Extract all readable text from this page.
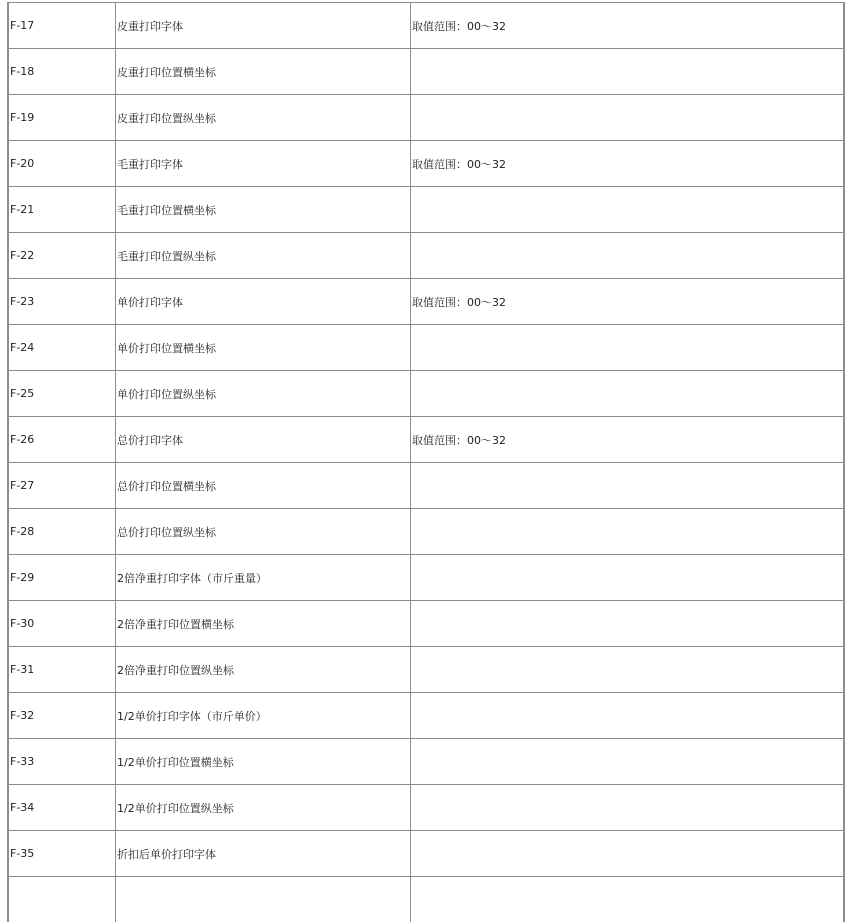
F-17	皮重打印字体	取值范围：00～32
F-18	皮重打印位置横坐标
F-19	皮重打印位置纵坐标
F-20	毛重打印字体	取值范围：00～32
F-21	毛重打印位置横坐标
F-22	毛重打印位置纵坐标
F-23	单价打印字体	取值范围：00～32
F-24	单价打印位置横坐标
F-25	单价打印位置纵坐标
F-26	总价打印字体	取值范围：00～32
F-27	总价打印位置横坐标
F-28	总价打印位置纵坐标
F-29	2倍净重打印字体（市斤重量）
F-30	2倍净重打印位置横坐标
F-31	2倍净重打印位置纵坐标
F-32	1/2单价打印字体（市斤单价）
F-33	1/2单价打印位置横坐标
F-34	1/2单价打印位置纵坐标
F-35	折扣后单价打印字体
